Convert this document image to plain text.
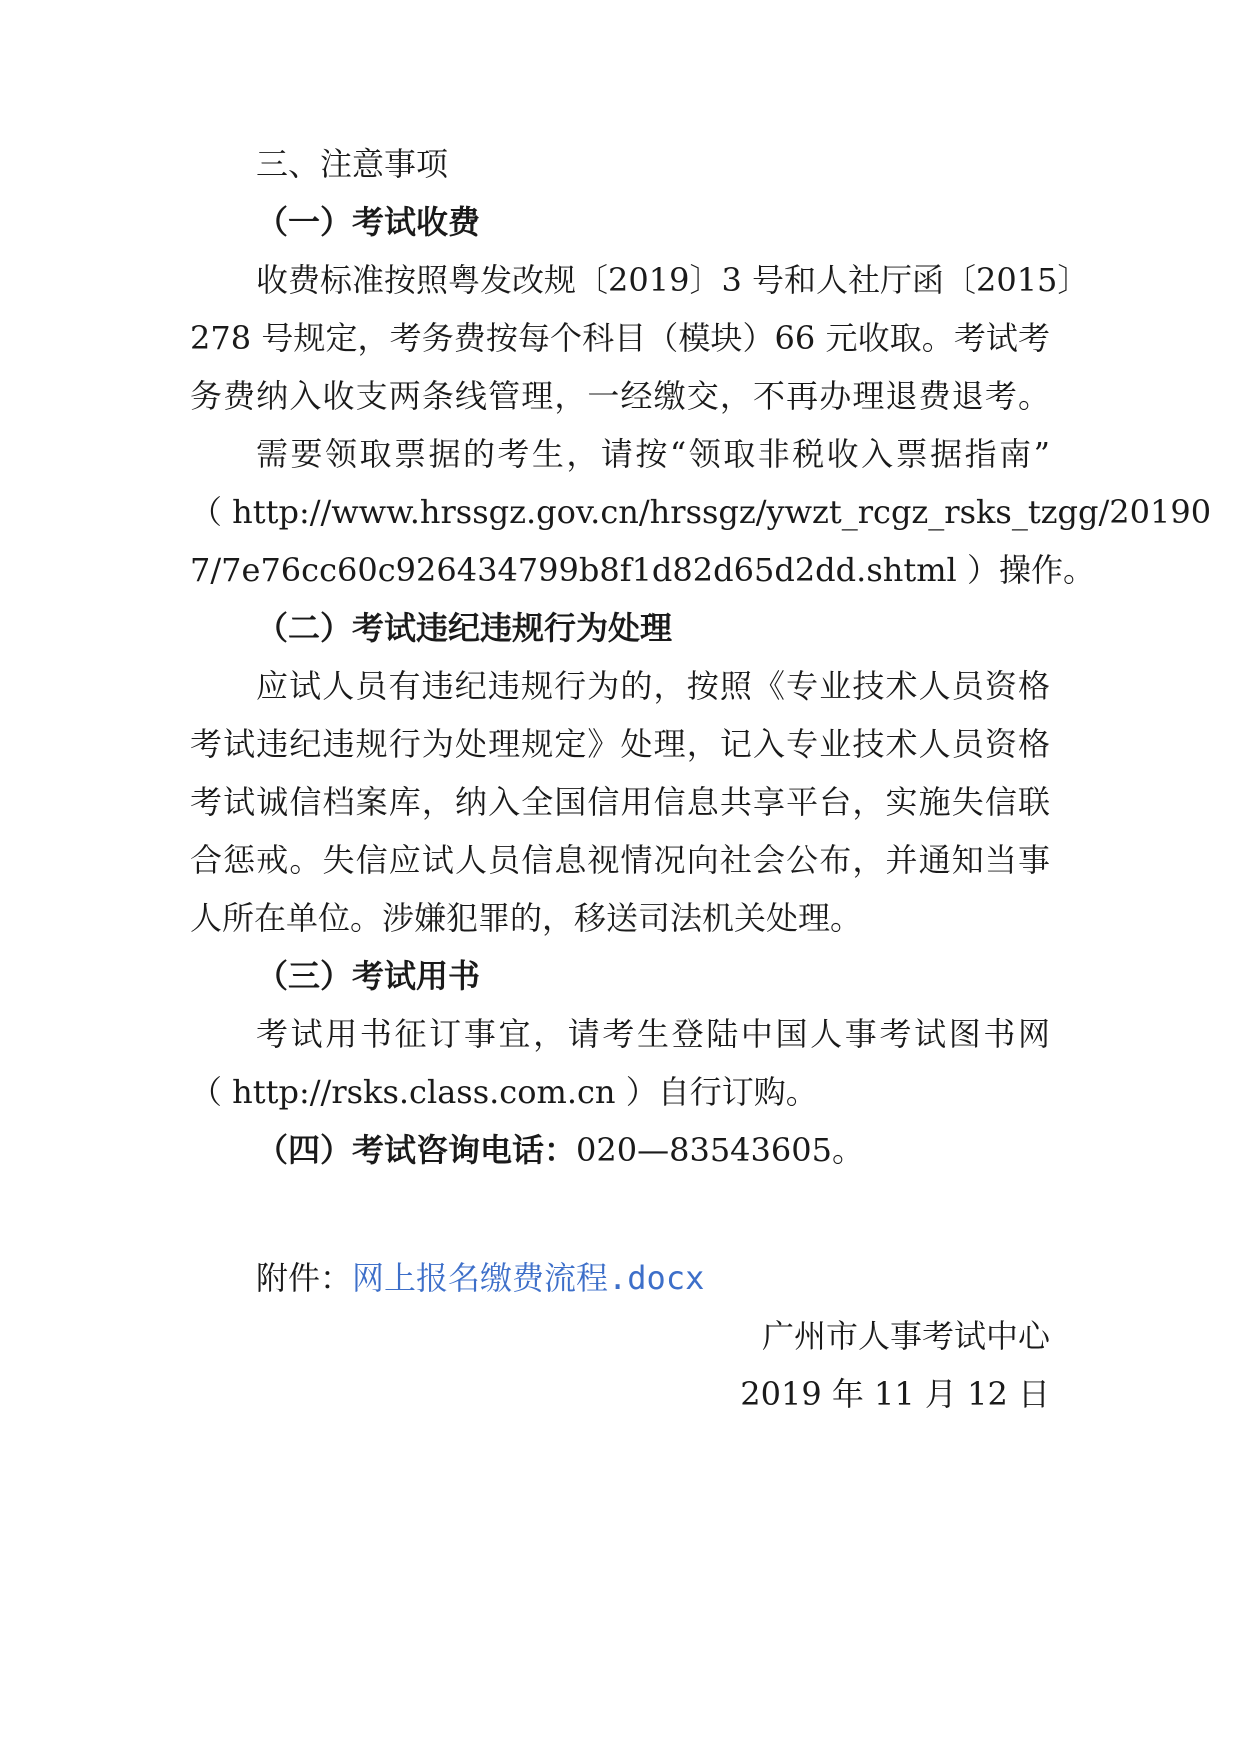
三、注意事项
（一）考试收费
收费标准按照粤发改规〔2019〕3 号和人社厅函〔2015〕
278 号规定，考务费按每个科目（模块）66 元收取。考试考
务费纳入收支两条线管理，一经缴交，不再办理退费退考。
需要领取票据的考生，请按“领取非税收入票据指南”
（ http://www.hrssgz.gov.cn/hrssgz/ywzt_rcgz_rsks_tzgg/20190
7/7e76cc60c926434799b8f1d82d65d2dd.shtml ）操作。
（二）考试违纪违规行为处理
应试人员有违纪违规行为的，按照《专业技术人员资格
考试违纪违规行为处理规定》处理，记入专业技术人员资格
考试诚信档案库，纳入全国信用信息共享平台，实施失信联
合惩戒。失信应试人员信息视情况向社会公布，并通知当事
人所在单位。涉嫌犯罪的，移送司法机关处理。
（三）考试用书
考试用书征订事宜，请考生登陆中国人事考试图书网
（ http://rsks.class.com.cn ）自行订购。
（四）考试咨询电话：020—83543605。
附件：网上报名缴费流程.docx
广州市人事考试中心
2019 年 11 月 12 日
